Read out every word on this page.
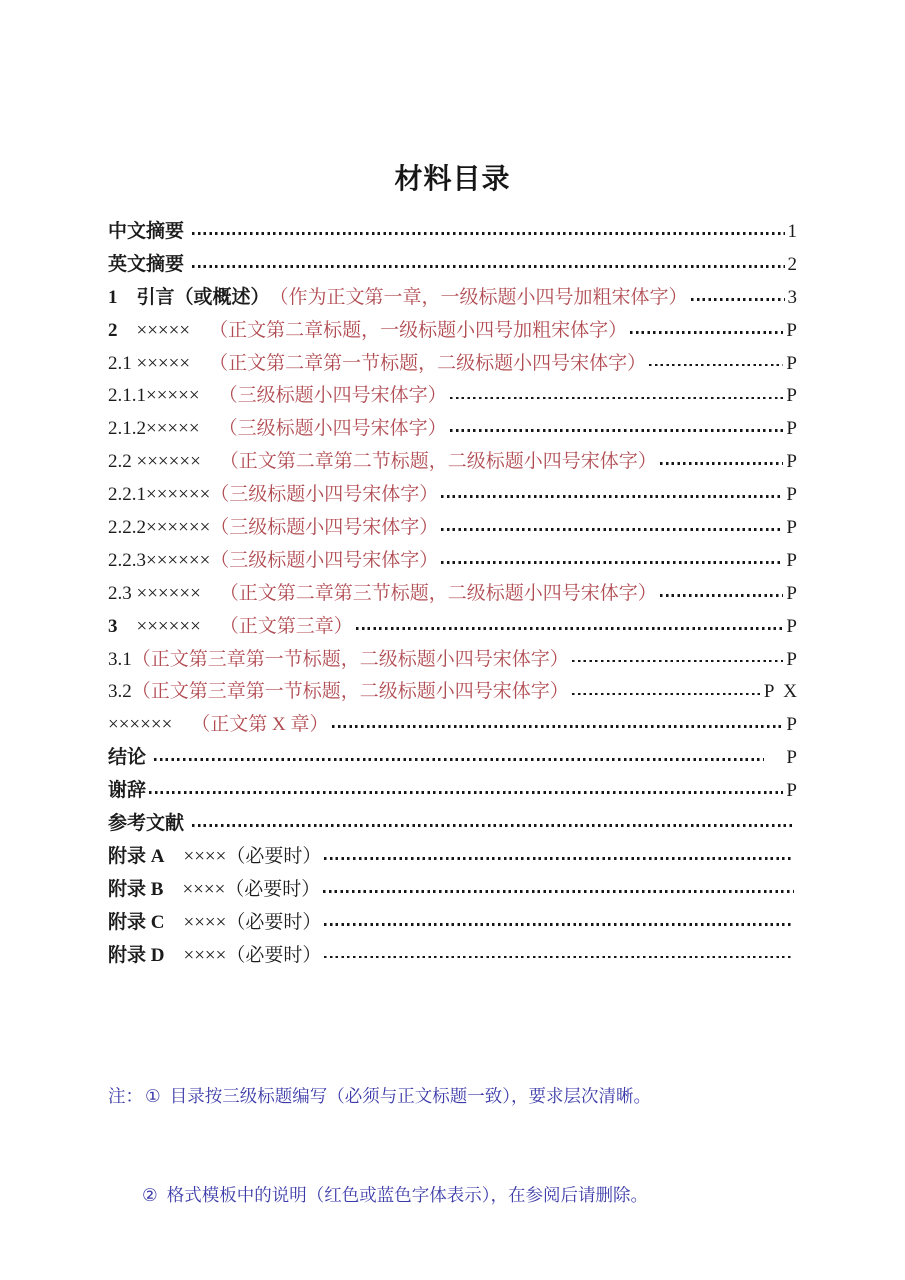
材料目录
中文摘要	1
英文摘要	2
1　引言（或概述） （作为正文第一章，一级标题小四号加粗宋体字）	3
2 　×××××　 （正文第二章标题，一级标题小四号加粗宋体字）	P
2.1 ×××××　 （正文第二章第一节标题，二级标题小四号宋体字）	P
2.1.1×××××　 （三级标题小四号宋体字）	P
2.1.2×××××　 （三级标题小四号宋体字）	P
2.2 ××××××　 （正文第二章第二节标题，二级标题小四号宋体字）	P
2.2.1×××××× （三级标题小四号宋体字）	P
2.2.2×××××× （三级标题小四号宋体字）	P
2.2.3×××××× （三级标题小四号宋体字）	P
2.3 ××××××　 （正文第二章第三节标题，二级标题小四号宋体字）	P
3 　××××××　 （正文第三章）	P
3.1 （正文第三章第一节标题，二级标题小四号宋体字）	P
3.2 （正文第三章第一节标题，二级标题小四号宋体字）	P  X
××××××　 （正文第 X 章）	P
结论	P
谢辞	P
参考文献
附录 A 　××××（必要时）
附录 B 　××××（必要时）
附录 C 　××××（必要时）
附录 D 　××××（必要时）

注： ① 目录按三级标题编写（必须与正文标题一致），要求层次清晰。

② 格式模板中的说明（红色或蓝色字体表示），在参阅后请删除。
